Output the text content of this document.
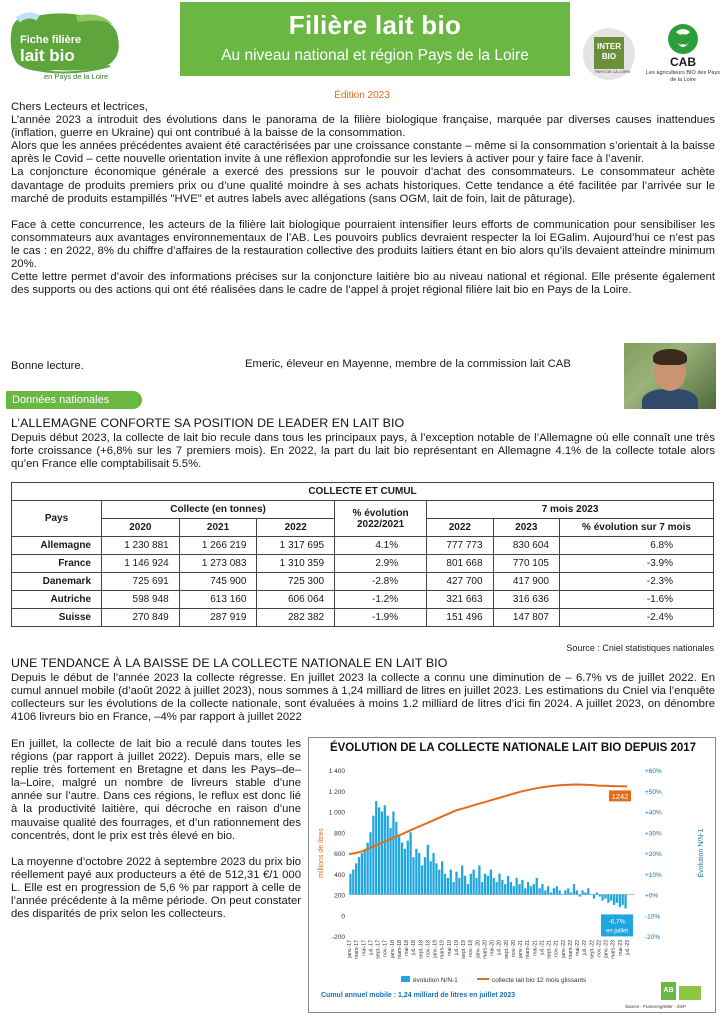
Fiche filière
lait bio
en Pays de la Loire
Filière lait bio
Au niveau national et région Pays de la Loire
INTER BIO
PAYS DE LA LOIRE
CAB
Les agriculteurs BIO des Pays de la Loire
Édition 2023

Chers Lecteurs et lectrices,

L’année 2023 a introduit des évolutions dans le panorama de la filière biologique française, marquée par diverses causes inattendues (inflation, guerre en Ukraine) qui ont contribué à la baisse de la consommation.

Alors que les années précédentes avaient été caractérisées par une croissance constante – même si la consommation s’orientait à la baisse après le Covid – cette nouvelle orientation invite à une réflexion approfondie sur les leviers à activer pour y faire face à l’avenir.

La conjoncture économique générale a exercé des pressions sur le pouvoir d’achat des consommateurs. Le consommateur achète davantage de produits premiers prix ou d’une qualité moindre à ses achats historiques. Cette tendance a été facilitée par l’arrivée sur le marché de produits estampillés "HVE" et autres labels avec allégations (sans OGM, lait de foin, lait de pâturage).

Face à cette concurrence, les acteurs de la filière lait biologique pourraient intensifier leurs efforts de communication pour sensibiliser les consommateurs aux avantages environnementaux de l’AB. Les pouvoirs publics devraient respecter la loi EGalim. Aujourd’hui ce n’est pas le cas : en 2022, 8% du chiffre d’affaires de la restauration collective des produits laitiers étant en bio alors qu’ils devaient atteindre minimum 20%.

Cette lettre permet d’avoir des informations précises sur la conjoncture laitière bio au niveau national et régional. Elle présente également des supports ou des actions qui ont été réalisées dans le cadre de l’appel à projet régional filière lait bio en Pays de la Loire.

Bonne lecture.	Emeric, éleveur en Mayenne, membre de la commission lait CAB
Données nationales
L’ALLEMAGNE CONFORTE SA POSITION DE LEADER EN LAIT BIO
Depuis début 2023, la collecte de lait bio recule dans tous les principaux pays, à l’exception notable de l’Allemagne où elle connaît une très forte croissance (+6,8% sur les 7 premiers mois). En 2022, la part du lait bio représentant en Allemagne 4.1% de la collecte totale alors qu’en France elle comptabilisait 5.5%.
COLLECTE ET CUMUL							
Pays	Collecte (en tonnes)			% évolution 2022/2021	7 mois 2023		
	2020	2021	2022		2022	2023	% évolution sur 7 mois
Allemagne	1 230 881	1 266 219	1 317 695	4.1%	777 773	830 604	6.8%
France	1 146 924	1 273 083	1 310 359	2.9%	801 668	770 105	-3.9%
Danemark	725 691	745 900	725 300	-2.8%	427 700	417 900	-2.3%
Autriche	598 948	613 160	606 064	-1.2%	321 663	316 636	-1.6%
Suisse	270 849	287 919	282 382	-1.9%	151 496	147 807	-2.4%
Source : Cniel statistiques nationales
UNE TENDANCE À LA BAISSE DE LA COLLECTE NATIONALE EN LAIT BIO
Depuis le début de l’année 2023 la collecte régresse. En juillet 2023 la collecte a connu une diminution de – 6.7% vs de juillet 2022. En cumul annuel mobile (d’août 2022 à juillet 2023), nous sommes à 1,24 milliard de litres en juillet 2023. Les estimations du Cniel via l’enquête collecteurs sur les évolutions de la collecte nationale, sont évaluées à moins 1.2 milliard de litres d’ici fin 2024. A juillet 2023, on dénombre 4106 livreurs bio en France, –4% par rapport à juillet 2022

En juillet, la collecte de lait bio a reculé dans toutes les régions (par rapport à juillet 2022). Depuis mars, elle se replie très fortement en Bretagne et dans les Pays–de–la–Loire, malgré un nombre de livreurs stable d’une année sur l’autre. Dans ces régions, le reflux est donc lié à la productivité laitière, qui décroche en raison d’une mauvaise qualité des fourrages, et d’un rationnement des concentrés, dont le prix est très élevé en bio.

La moyenne d’octobre 2022 à septembre 2023 du prix bio réellement payé aux producteurs a été de 512,31 €/1 000 L. Elle est en progression de 5,6 % par rapport à celle de l’année précédente à la même période. On peut constater des disparités de prix selon les collecteurs.

1 400
1 200
1 000
800
600
400
200
0
-200
+60%
+50%
+40%
+30%
+20%
+10%
+0%
-10%
-20%
1242
-6,7%
en juillet
millions de litres	Évolution N/N-1
janv.-17 mars-17 mai-17 juil.-17 sept.-17 nov.-17 janv.-18 mars-18 mai-18 juil.-18 sept.-18 nov.-18 janv.-19 mars-19 mai-19 juil.-19 sept.-19 nov.-19 janv.-20 mars-20 mai-20 juil.-20 sept.-20 nov.-20 janv.-21 mars-21 mai-21 juil.-21 sept.-21 nov.-21 janv.-22 mars-22 mai-22 juil.-22 sept.-22 nov.-22 janv.-23 mars-23 mai-23 juil.-23
évolution N/N-1	collecte lait bio 12 mois glissants
ÉVOLUTION DE LA COLLECTE NATIONALE LAIT BIO DEPUIS 2017
Cumul annuel mobile : 1,24 milliard de litres en juillet 2023
AB
Source : FranceAgriMer - SSP
